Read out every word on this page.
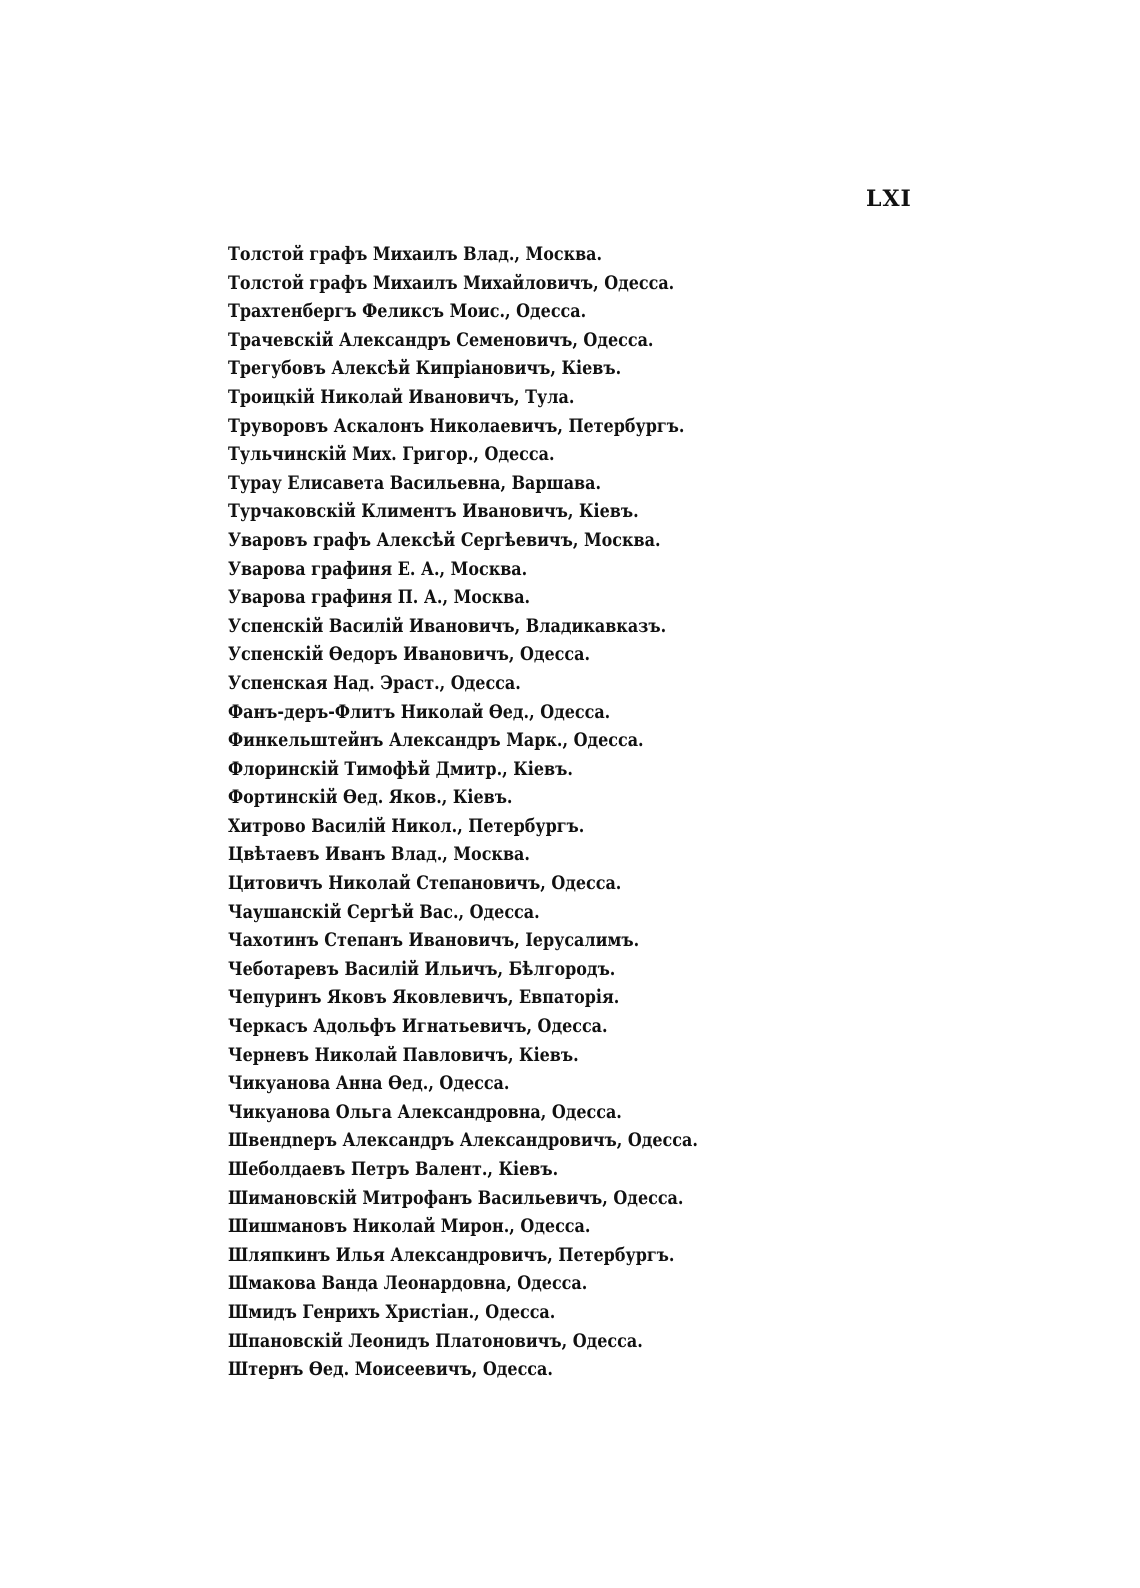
LXI
Толстой графъ Михаилъ Влад., Москва.
Толстой графъ Михаилъ Михайловичъ, Одесса.
Трахтенбергъ Феликсъ Моис., Одесса.
Трачевскій Александръ Семеновичъ, Одесса.
Трегубовъ Алексѣй Кипріановичъ, Кіевъ.
Троицкій Николай Ивановичъ, Тула.
Труворовъ Аскалонъ Николаевичъ, Петербургъ.
Тульчинскій Мих. Григор., Одесса.
Турау Елисавета Васильевна, Варшава.
Турчаковскій Климентъ Ивановичъ, Кіевъ.
Уваровъ графъ Алексѣй Сергѣевичъ, Москва.
Уварова графиня Е. А., Москва.
Уварова графиня П. А., Москва.
Успенскій Василій Ивановичъ, Владикавказъ.
Успенскій Ѳедоръ Ивановичъ, Одесса.
Успенская Над. Эраст., Одесса.
Фанъ-деръ-Флитъ Николай Ѳед., Одесса.
Финкельштейнъ Александръ Марк., Одесса.
Флоринскій Тимофѣй Дмитр., Кіевъ.
Фортинскій Ѳед. Яков., Кіевъ.
Хитрово Василій Никол., Петербургъ.
Цвѣтаевъ Иванъ Влад., Москва.
Цитовичъ Николай Степановичъ, Одесса.
Чаушанскій Сергѣй Вас., Одесса.
Чахотинъ Степанъ Ивановичъ, Іерусалимъ.
Чеботаревъ Василій Ильичъ, Бѣлгородъ.
Чепуринъ Яковъ Яковлевичъ, Евпаторія.
Черкасъ Адольфъ Игнатьевичъ, Одесса.
Черневъ Николай Павловичъ, Кіевъ.
Чикуанова Анна Ѳед., Одесса.
Чикуанова Ольга Александровна, Одесса.
Швендnеръ Александръ Александровичъ, Одесса.
Шеболдаевъ Петръ Валент., Кіевъ.
Шимановскій Митрофанъ Васильевичъ, Одесса.
Шишмановъ Николай Мирон., Одесса.
Шляпкинъ Илья Александровичъ, Петербургъ.
Шмакова Ванда Леонардовна, Одесса.
Шмидъ Генрихъ Христіан., Одесса.
Шпановскій Леонидъ Платоновичъ, Одесса.
Штернъ Ѳед. Моисеевичъ, Одесса.
